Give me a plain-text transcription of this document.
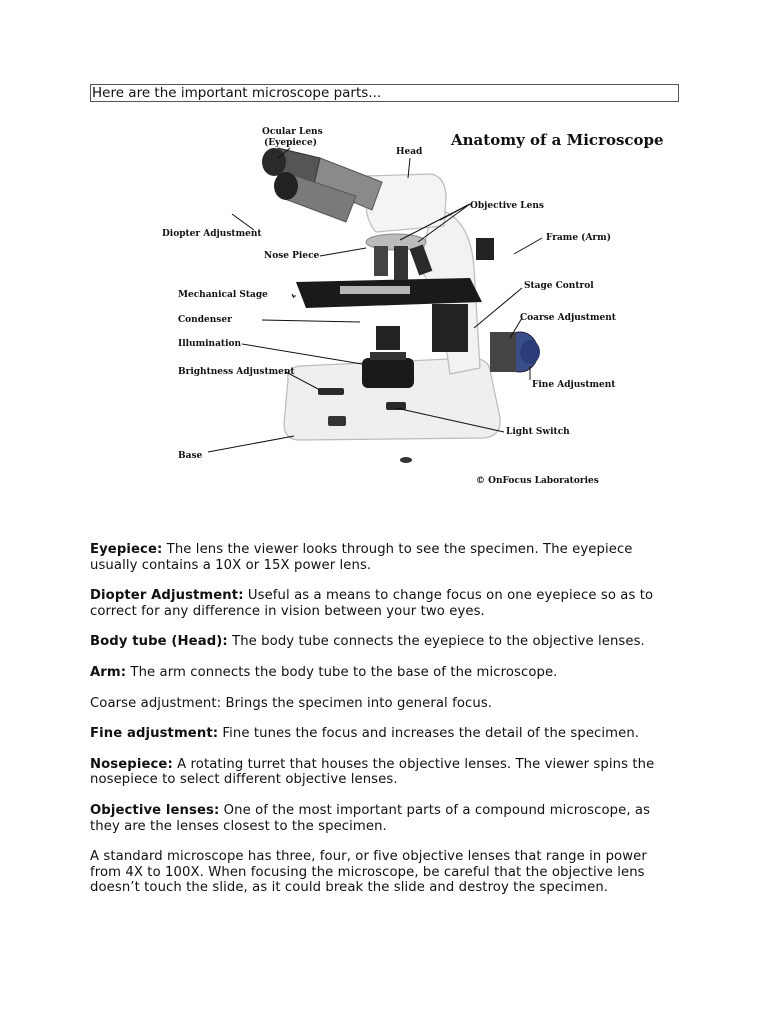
Here are the important microscope parts...
Ocular Lens
(Eyepiece)
Head
Anatomy of a Microscope
Objective Lens
Diopter Adjustment	Frame (Arm)
Nose Piece
Stage Control
Mechanical Stage
Coarse Adjustment
Condenser
Illumination
Brightness Adjustment
Fine Adjustment
Light Switch
Base
© OnFocus Laboratories

Eyepiece: The lens the viewer looks through to see the specimen. The eyepiece usually contains a 10X or 15X power lens.

Diopter Adjustment: Useful as a means to change focus on one eyepiece so as to correct for any difference in vision between your two eyes.

Body tube (Head): The body tube connects the eyepiece to the objective lenses.

Arm: The arm connects the body tube to the base of the microscope.

Coarse adjustment: Brings the specimen into general focus.

Fine adjustment: Fine tunes the focus and increases the detail of the specimen.

Nosepiece: A rotating turret that houses the objective lenses. The viewer spins the nosepiece to select different objective lenses.

Objective lenses: One of the most important parts of a compound microscope, as they are the lenses closest to the specimen.

A standard microscope has three, four, or five objective lenses that range in power from 4X to 100X. When focusing the microscope, be careful that the objective lens doesn’t touch the slide, as it could break the slide and destroy the specimen.
